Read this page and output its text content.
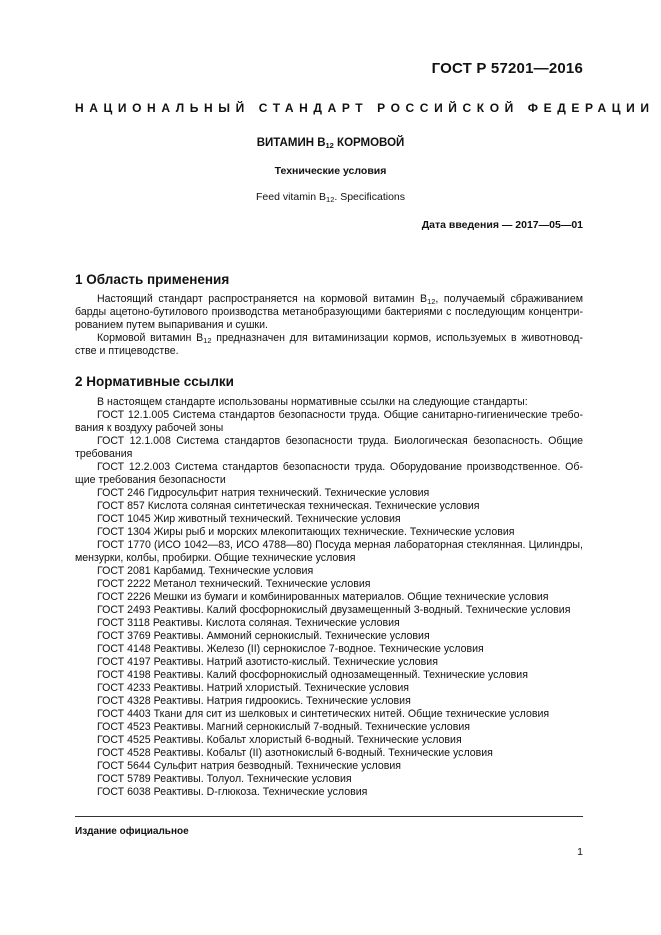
ГОСТ Р 57201—2016
НАЦИОНАЛЬНЫЙ СТАНДАРТ РОССИЙСКОЙ ФЕДЕРАЦИИ
ВИТАМИН $В_{12}$ КОРМОВОЙ
Технические условия
Feed vitamin $B_{12}$. Specifications
Дата введения — 2017—05—01
1 Область применения
Настоящий стандарт распространяется на кормовой витамин $В_{12}$, получаемый сбраживанием
барды ацетоно-бутилового производства метанобразующими бактериями с последующим концентри-
рованием путем выпаривания и сушки.
Кормовой витамин $В_{12}$ предназначен для витаминизации кормов, используемых в животновод-
стве и птицеводстве.
2 Нормативные ссылки
В настоящем стандарте использованы нормативные ссылки на следующие стандарты:
ГОСТ 12.1.005 Система стандартов безопасности труда. Общие санитарно-гигиенические требо-
вания к воздуху рабочей зоны
ГОСТ 12.1.008 Система стандартов безопасности труда. Биологическая безопасность. Общие
требования
ГОСТ 12.2.003 Система стандартов безопасности труда. Оборудование производственное. Об-
щие требования безопасности
ГОСТ 246 Гидросульфит натрия технический. Технические условия
ГОСТ 857 Кислота соляная синтетическая техническая. Технические условия
ГОСТ 1045 Жир животный технический. Технические условия
ГОСТ 1304 Жиры рыб и морских млекопитающих технические. Технические условия
ГОСТ 1770 (ИСО 1042—83, ИСО 4788—80) Посуда мерная лабораторная стеклянная. Цилиндры,
мензурки, колбы, пробирки. Общие технические условия
ГОСТ 2081 Карбамид. Технические условия
ГОСТ 2222 Метанол технический. Технические условия
ГОСТ 2226 Мешки из бумаги и комбинированных материалов. Общие технические условия
ГОСТ 2493 Реактивы. Калий фосфорнокислый двузамещенный 3-водный. Технические условия
ГОСТ 3118 Реактивы. Кислота соляная. Технические условия
ГОСТ 3769 Реактивы. Аммоний сернокислый. Технические условия
ГОСТ 4148 Реактивы. Железо (II) сернокислое 7-водное. Технические условия
ГОСТ 4197 Реактивы. Натрий азотисто-кислый. Технические условия
ГОСТ 4198 Реактивы. Калий фосфорнокислый однозамещенный. Технические условия
ГОСТ 4233 Реактивы. Натрий хлористый. Технические условия
ГОСТ 4328 Реактивы. Натрия гидроокись. Технические условия
ГОСТ 4403 Ткани для сит из шелковых и синтетических нитей. Общие технические условия
ГОСТ 4523 Реактивы. Магний сернокислый 7-водный. Технические условия
ГОСТ 4525 Реактивы. Кобальт хлористый 6-водный. Технические условия
ГОСТ 4528 Реактивы. Кобальт (II) азотнокислый 6-водный. Технические условия
ГОСТ 5644 Сульфит натрия безводный. Технические условия
ГОСТ 5789 Реактивы. Толуол. Технические условия
ГОСТ 6038 Реактивы. D-глюкоза. Технические условия
Издание официальное
1
